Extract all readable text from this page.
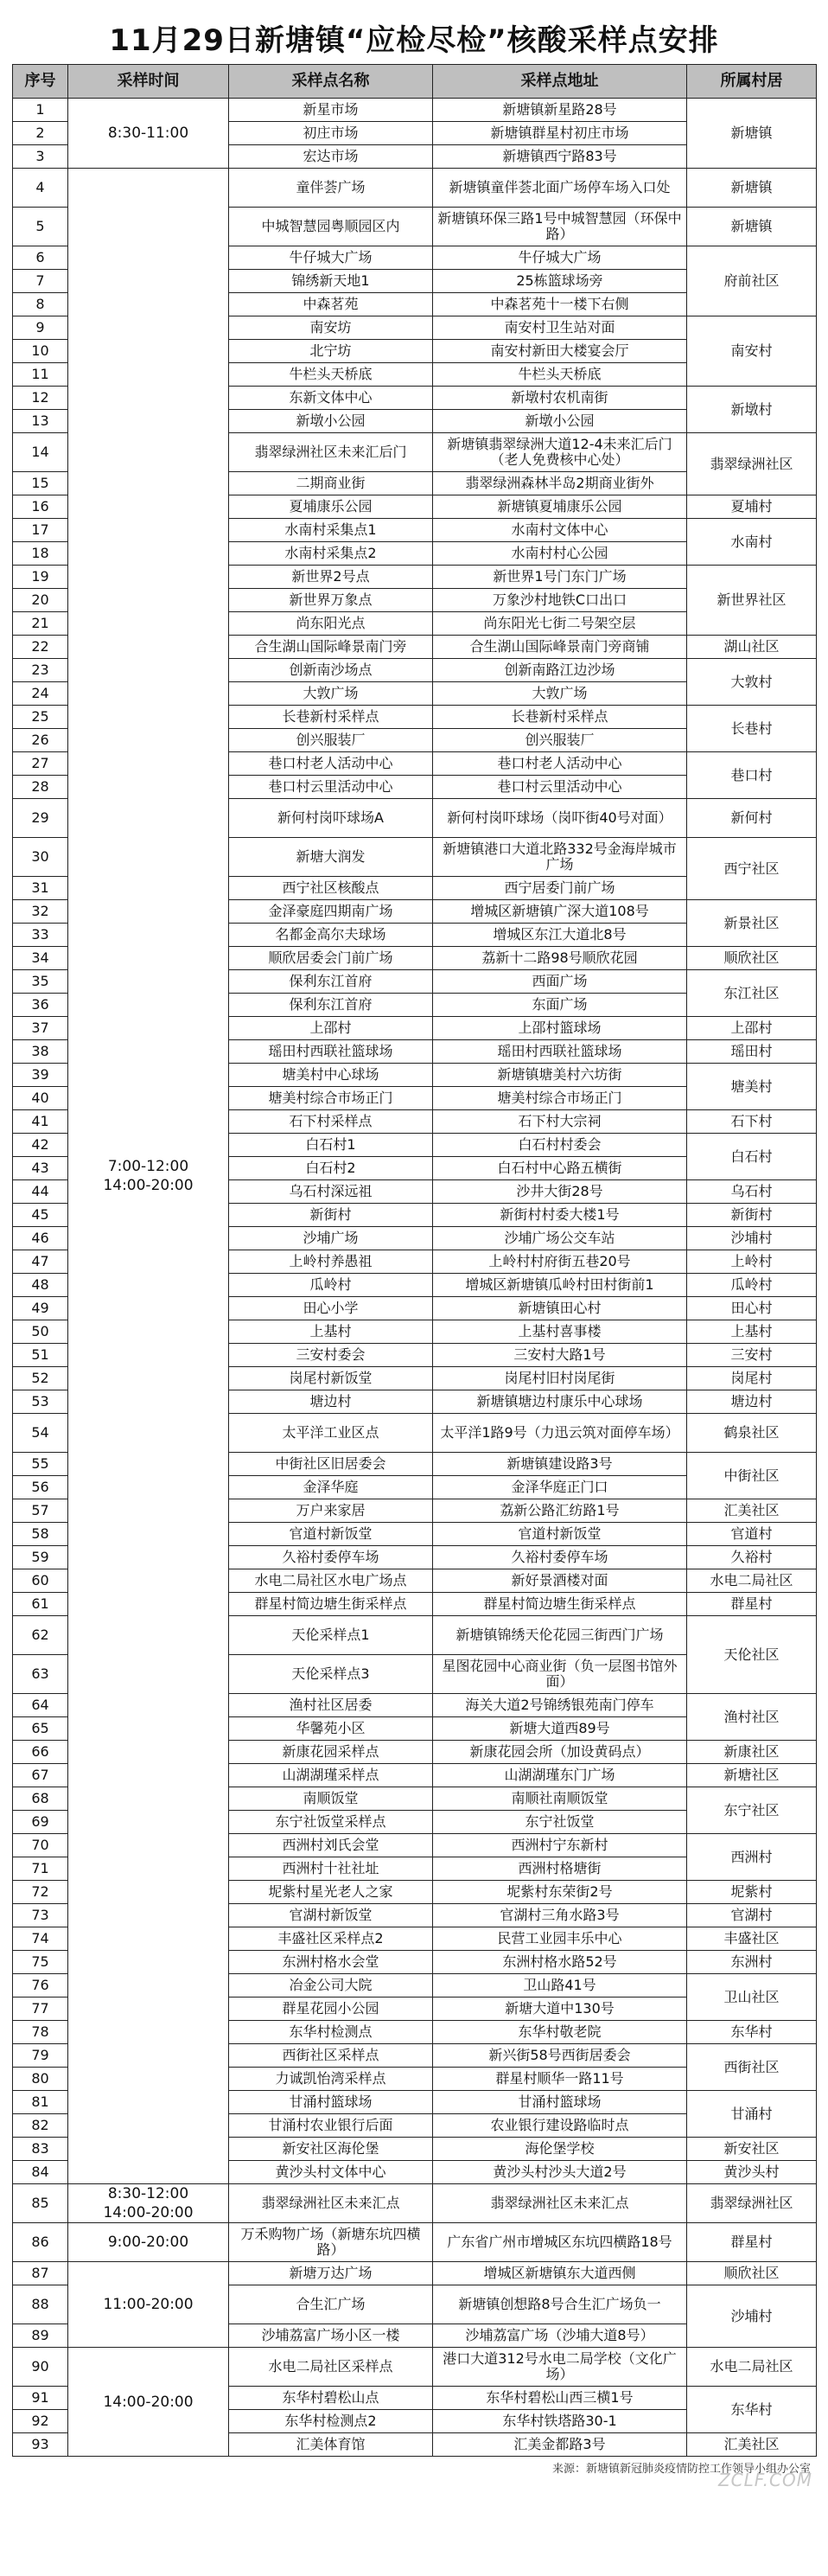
11月29日新塘镇“应检尽检”核酸采样点安排
序号	采样时间	采样点名称	采样点地址	所属村居
1	8:30-11:00	新星市场	新塘镇新星路28号	新塘镇
2		初庄市场	新塘镇群星村初庄市场	
3		宏达市场	新塘镇西宁路83号	
4	7:00-12:00
14:00-20:00	童伴荟广场	新塘镇童伴荟北面广场停车场入口处	新塘镇
5		中城智慧园粤顺园区内	新塘镇环保三路1号中城智慧园（环保中路）	新塘镇
6		牛仔城大广场	牛仔城大广场	府前社区
7		锦绣新天地1	25栋篮球场旁	
8		中森茗苑	中森茗苑十一楼下右侧	
9		南安坊	南安村卫生站对面	南安村
10		北宁坊	南安村新田大楼宴会厅	
11		牛栏头天桥底	牛栏头天桥底	
12		东新文体中心	新墩村农机南街	新墩村
13		新墩小公园	新墩小公园	
14		翡翠绿洲社区未来汇后门	新塘镇翡翠绿洲大道12-4未来汇后门（老人免费核中心处）	翡翠绿洲社区
15		二期商业街	翡翠绿洲森林半岛2期商业街外	
16		夏埔康乐公园	新塘镇夏埔康乐公园	夏埔村
17		水南村采集点1	水南村文体中心	水南村
18		水南村采集点2	水南村村心公园	
19		新世界2号点	新世界1号门东门广场	新世界社区
20		新世界万象点	万象沙村地铁C口出口	
21		尚东阳光点	尚东阳光七街二号架空层	
22		合生湖山国际峰景南门旁	合生湖山国际峰景南门旁商铺	湖山社区
23		创新南沙场点	创新南路江边沙场	大敦村
24		大敦广场	大敦广场	
25		长巷新村采样点	长巷新村采样点	长巷村
26		创兴服装厂	创兴服装厂	
27		巷口村老人活动中心	巷口村老人活动中心	巷口村
28		巷口村云里活动中心	巷口村云里活动中心	
29		新何村岗吓球场A	新何村岗吓球场（岗吓街40号对面）	新何村
30		新塘大润发	新塘镇港口大道北路332号金海岸城市广场	西宁社区
31		西宁社区核酸点	西宁居委门前广场	
32		金泽豪庭四期南广场	增城区新塘镇广深大道108号	新景社区
33		名都金高尔夫球场	增城区东江大道北8号	
34		顺欣居委会门前广场	荔新十二路98号顺欣花园	顺欣社区
35		保利东江首府	西面广场	东江社区
36		保利东江首府	东面广场	
37		上邵村	上邵村篮球场	上邵村
38		瑶田村西联社篮球场	瑶田村西联社篮球场	瑶田村
39		塘美村中心球场	新塘镇塘美村六坊街	塘美村
40		塘美村综合市场正门	塘美村综合市场正门	
41		石下村采样点	石下村大宗祠	石下村
42		白石村1	白石村村委会	白石村
43		白石村2	白石村中心路五横街	
44		乌石村深远祖	沙井大街28号	乌石村
45		新街村	新街村村委大楼1号	新街村
46		沙埔广场	沙埔广场公交车站	沙埔村
47		上岭村养愚祖	上岭村村府街五巷20号	上岭村
48		瓜岭村	增城区新塘镇瓜岭村田村街前1	瓜岭村
49		田心小学	新塘镇田心村	田心村
50		上基村	上基村喜事楼	上基村
51		三安村委会	三安村大路1号	三安村
52		岗尾村新饭堂	岗尾村旧村岗尾街	岗尾村
53		塘边村	新塘镇塘边村康乐中心球场	塘边村
54		太平洋工业区点	太平洋1路9号（力迅云筑对面停车场）	鹤泉社区
55		中街社区旧居委会	新塘镇建设路3号	中街社区
56		金泽华庭	金泽华庭正门口	
57		万户来家居	荔新公路汇纺路1号	汇美社区
58		官道村新饭堂	官道村新饭堂	官道村
59		久裕村委停车场	久裕村委停车场	久裕村
60		水电二局社区水电广场点	新好景酒楼对面	水电二局社区
61		群星村简边塘生街采样点	群星村简边塘生街采样点	群星村
62		天伦采样点1	新塘镇锦绣天伦花园三街西门广场	天伦社区
63		天伦采样点3	星图花园中心商业街（负一层图书馆外面）	
64		渔村社区居委	海关大道2号锦绣银苑南门停车	渔村社区
65		华馨苑小区	新塘大道西89号	
66		新康花园采样点	新康花园会所（加设黄码点）	新康社区
67		山湖湖瑾采样点	山湖湖瑾东门广场	新塘社区
68		南顺饭堂	南顺社南顺饭堂	东宁社区
69		东宁社饭堂采样点	东宁社饭堂	
70		西洲村刘氏会堂	西洲村宁东新村	西洲村
71		西洲村十社社址	西洲村格塘街	
72		坭紫村星光老人之家	坭紫村东荣街2号	坭紫村
73		官湖村新饭堂	官湖村三角水路3号	官湖村
74		丰盛社区采样点2	民营工业园丰乐中心	丰盛社区
75		东洲村格水会堂	东洲村格水路52号	东洲村
76		冶金公司大院	卫山路41号	卫山社区
77		群星花园小公园	新塘大道中130号	
78		东华村检测点	东华村敬老院	东华村
79		西街社区采样点	新兴街58号西街居委会	西街社区
80		力诚凯怡湾采样点	群星村顺华一路11号	
81		甘涌村篮球场	甘涌村篮球场	甘涌村
82		甘涌村农业银行后面	农业银行建设路临时点	
83		新安社区海伦堡	海伦堡学校	新安社区
84		黄沙头村文体中心	黄沙头村沙头大道2号	黄沙头村
85	8:30-12:00
14:00-20:00	翡翠绿洲社区未来汇点	翡翠绿洲社区未来汇点	翡翠绿洲社区
86	9:00-20:00	万禾购物广场（新塘东坑四横路）	广东省广州市增城区东坑四横路18号	群星村
87	11:00-20:00	新塘万达广场	增城区新塘镇东大道西侧	顺欣社区
88		合生汇广场	新塘镇创想路8号合生汇广场负一	沙埔村
89		沙埔荔富广场小区一楼	沙埔荔富广场（沙埔大道8号）	
90	14:00-20:00	水电二局社区采样点	港口大道312号水电二局学校（文化广场）	水电二局社区
91		东华村碧松山点	东华村碧松山西三横1号	东华村
92		东华村检测点2	东华村铁塔路30-1	
93		汇美体育馆	汇美金都路3号	汇美社区
来源：新塘镇新冠肺炎疫情防控工作领导小组办公室
ZCLF.COM
